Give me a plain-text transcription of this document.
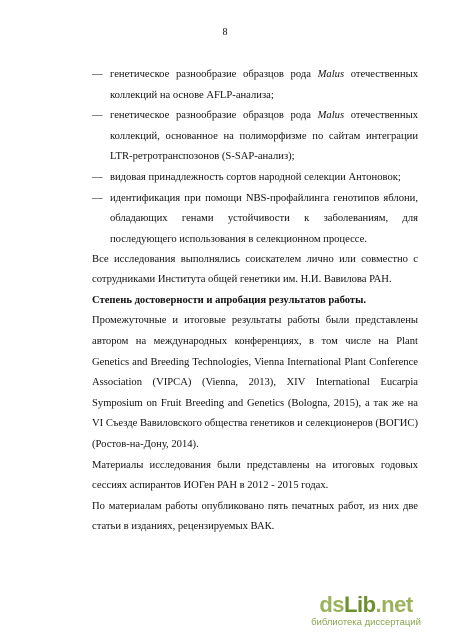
8
— генетическое разнообразие образцов рода Malus отечественных коллекций на основе AFLP-анализа;
— генетическое разнообразие образцов рода Malus отечественных коллекций, основанное на полиморфизме по сайтам интеграции LTR-ретротранспозонов (S-SAP-анализ);
— видовая принадлежность сортов народной селекции Антоновок;
— идентификация при помощи NBS-профайлинга генотипов яблони, обладающих генами устойчивости к заболеваниям, для последующего использования в селекционном процессе.

Все исследования выполнялись соискателем лично или совместно с сотрудниками Института общей генетики им. Н.И. Вавилова РАН.

Степень достоверности и апробация результатов работы.

Промежуточные и итоговые результаты работы были представлены автором на международных конференциях, в том числе на Plant Genetics and Breeding Technologies, Vienna International Plant Conference Association (VIPCA) (Vienna, 2013), XIV International Eucarpia Symposium on Fruit Breeding and Genetics (Bologna, 2015), а так же на VI Съезде Вавиловского общества генетиков и селекционеров (ВОГИС) (Ростов-на-Дону, 2014).

Материалы исследования были представлены на итоговых годовых сессиях аспирантов ИОГен РАН в 2012 - 2015 годах.

По материалам работы опубликовано пять печатных работ, из них две статьи в изданиях, рецензируемых ВАК.

dsLib.net
библиотека диссертаций
